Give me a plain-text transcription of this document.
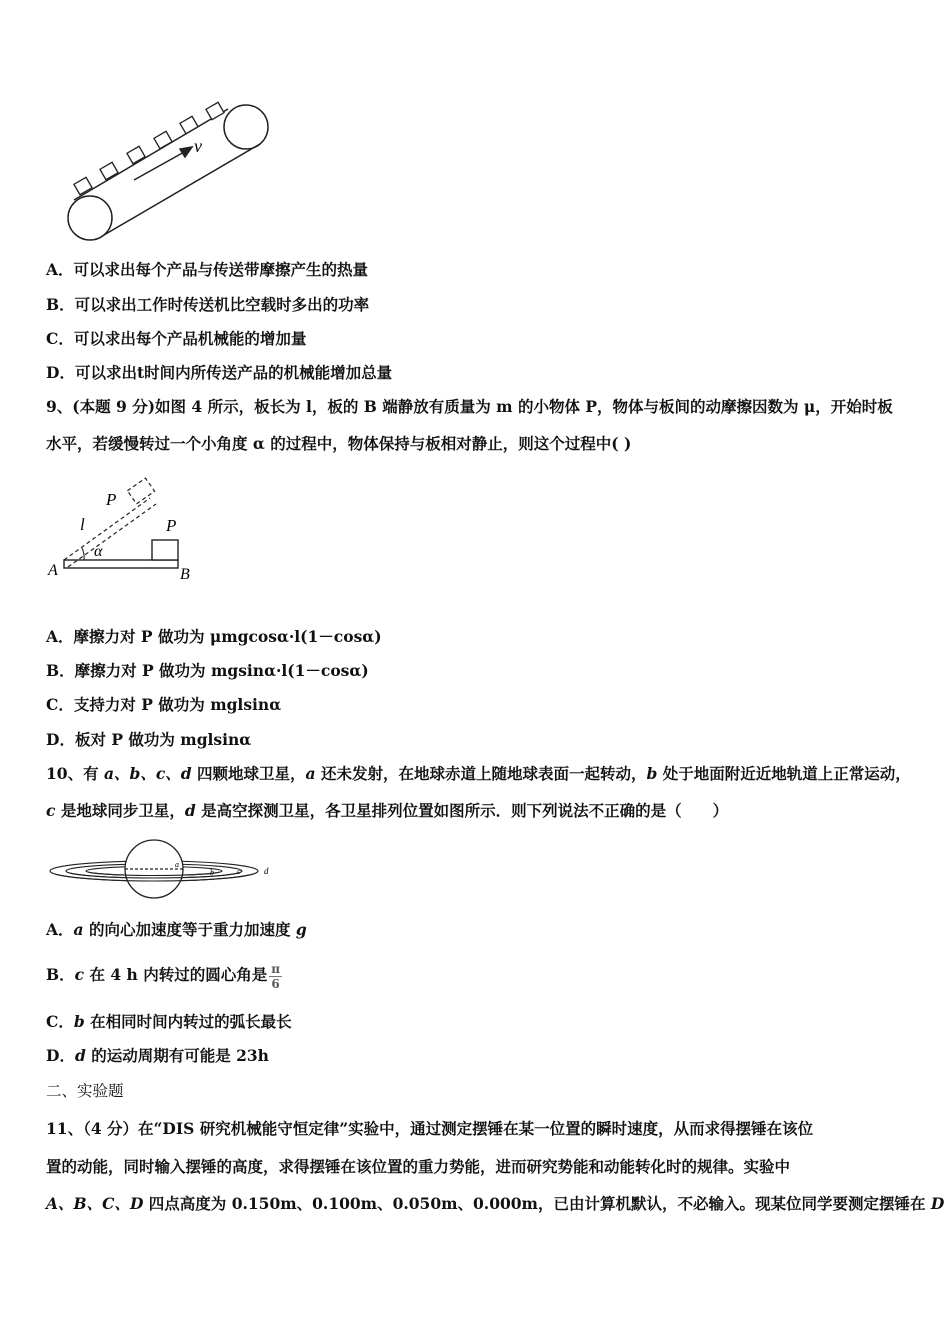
v
A．可以求出每个产品与传送带摩擦产生的热量
B．可以求出工作时传送机比空载时多出的功率
C．可以求出每个产品机械能的增加量
D．可以求出t时间内所传送产品的机械能增加总量
9、(本题 9 分)如图 4 所示，板长为 l，板的 B 端静放有质量为 m 的小物体 P，物体与板间的动摩擦因数为 μ，开始时板
水平，若缓慢转过一个小角度 α 的过程中，物体保持与板相对静止，则这个过程中( )
P
l	P
α
A	B
A．摩擦力对 P 做功为 μmgcosα·l(1－cosα)
B．摩擦力对 P 做功为 mgsinα·l(1－cosα)
C．支持力对 P 做功为 mglsinα
D．板对 P 做功为 mglsinα
10、有 a、b、c、d 四颗地球卫星，a 还未发射，在地球赤道上随地球表面一起转动，b 处于地面附近近地轨道上正常运动，
c 是地球同步卫星，d 是高空探测卫星，各卫星排列位置如图所示．则下列说法不正确的是（　　）
a
b	c	d
A．a 的向心加速度等于重力加速度 g
B．c 在 4 h 内转过的圆心角是 $\frac{\pi}{6}$
C．b 在相同时间内转过的弧长最长
D．d 的运动周期有可能是 23h
二、实验题
11、（4 分）在“DIS 研究机械能守恒定律”实验中，通过测定摆锤在某一位置的瞬时速度，从而求得摆锤在该位
置的动能，同时输入摆锤的高度，求得摆锤在该位置的重力势能，进而研究势能和动能转化时的规律。实验中
A、B、C、D 四点高度为 0.150m、0.100m、0.050m、0.000m，已由计算机默认，不必输入。现某位同学要测定摆锤在 D
